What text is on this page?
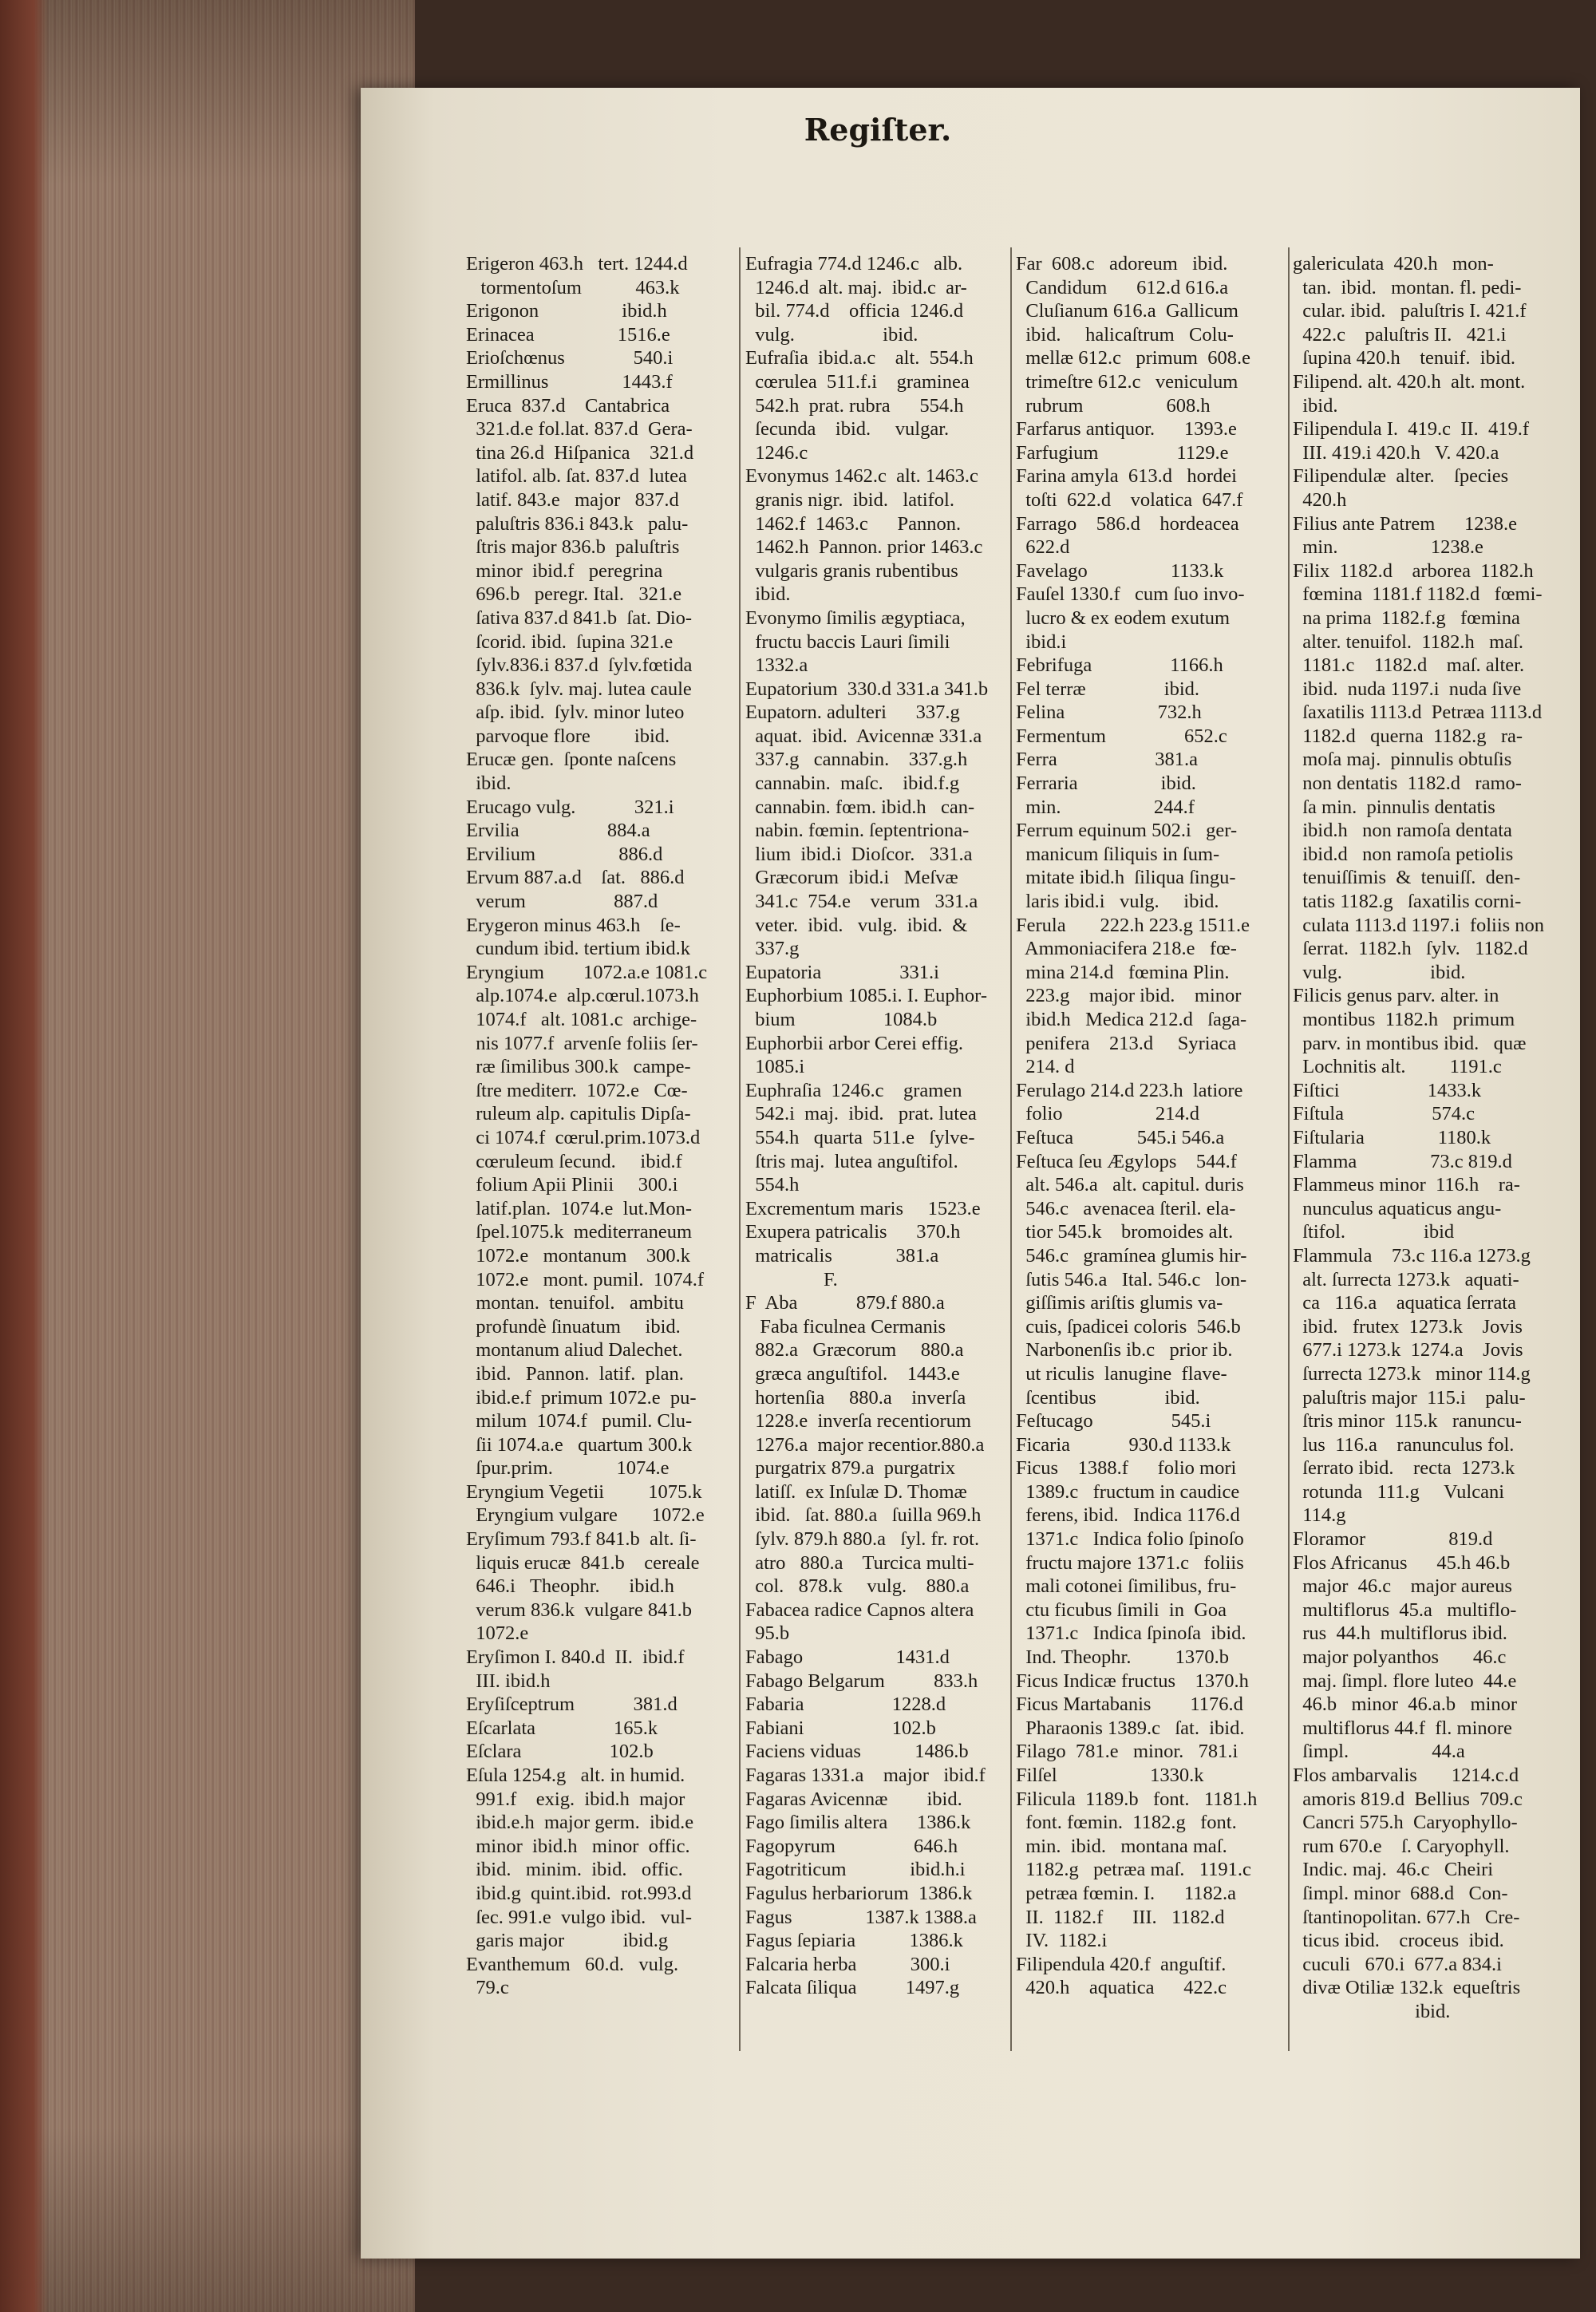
Regiſter.
Erigeron 463.h   tert. 1244.d
tormentoſum           463.k
Erigonon                 ibid.h
Erinacea                 1516.e
Erioſchœnus              540.i
Ermillinus               1443.f
Eruca  837.d    Cantabrica
321.d.e fol.lat. 837.d  Gera-
tina 26.d  Hiſpanica    321.d
latifol. alb. ſat. 837.d  lutea
latif. 843.e   major   837.d
paluſtris 836.i 843.k   palu-
ſtris major 836.b  paluſtris
minor  ibid.f   peregrina
696.b   peregr. Ital.   321.e
ſativa 837.d 841.b  ſat. Dio-
ſcorid. ibid.  ſupina 321.e
ſylv.836.i 837.d  ſylv.fœtida
836.k  ſylv. maj. lutea caule
aſp. ibid.  ſylv. minor luteo
parvoque flore         ibid.
Erucæ gen.  ſponte naſcens
ibid.
Erucago vulg.            321.i
Ervilia                  884.a
Ervilium                 886.d
Ervum 887.a.d    ſat.   886.d
verum                  887.d
Erygeron minus 463.h    ſe-
cundum ibid. tertium ibid.k
Eryngium        1072.a.e 1081.c
alp.1074.e  alp.cœrul.1073.h
1074.f   alt. 1081.c  archige-
nis 1077.f  arvenſe foliis ſer-
ræ ſimilibus 300.k   campe-
ſtre mediterr.  1072.e   Cœ-
ruleum alp. capitulis Dipſa-
ci 1074.f  cœrul.prim.1073.d
cœruleum ſecund.     ibid.f
folium Apii Plinii     300.i
latif.plan.  1074.e  lut.Mon-
ſpel.1075.k  mediterraneum
1072.e   montanum    300.k
1072.e   mont. pumil.  1074.f
montan.  tenuifol.   ambitu
profundè ſinuatum     ibid.
montanum aliud Dalechet.
ibid.   Pannon.  latif.  plan.
ibid.e.f  primum 1072.e  pu-
milum  1074.f   pumil. Clu-
ſii 1074.a.e   quartum 300.k
ſpur.prim.             1074.e
Eryngium Vegetii         1075.k
Eryngium vulgare       1072.e
Eryſimum 793.f 841.b  alt. ſi-
liquis erucæ  841.b    cereale
646.i   Theophr.      ibid.h
verum 836.k  vulgare 841.b
1072.e
Eryſimon I. 840.d  II.  ibid.f
III. ibid.h
Eryſiſceptrum            381.d
Eſcarlata                165.k
Eſclara                  102.b
Eſula 1254.g   alt. in humid.
991.f    exig.  ibid.h  major
ibid.e.h  major germ.  ibid.e
minor  ibid.h   minor  offic.
ibid.   minim.  ibid.   offic.
ibid.g  quint.ibid.  rot.993.d
ſec. 991.e  vulgo ibid.   vul-
garis major            ibid.g
Evanthemum   60.d.   vulg.
79.c
Eufragia 774.d 1246.c   alb.
1246.d  alt. maj.  ibid.c  ar-
bil. 774.d    officia  1246.d
vulg.                  ibid.
Eufraſia  ibid.a.c    alt.  554.h
cœrulea  511.f.i    graminea
542.h  prat. rubra      554.h
ſecunda    ibid.     vulgar.
1246.c
Evonymus 1462.c  alt. 1463.c
granis nigr.  ibid.   latifol.
1462.f  1463.c      Pannon.
1462.h  Pannon. prior 1463.c
vulgaris granis rubentibus
ibid.
Evonymo ſimilis ægyptiaca,
fructu baccis Lauri ſimili
1332.a
Eupatorium  330.d 331.a 341.b
Eupatorn. adulteri      337.g
aquat.  ibid.  Avicennæ 331.a
337.g   cannabin.    337.g.h
cannabin.  maſc.    ibid.f.g
cannabin. fœm. ibid.h   can-
nabin. fœmin. ſeptentriona-
lium  ibid.i  Dioſcor.   331.a
Græcorum  ibid.i   Meſvæ
341.c  754.e    verum   331.a
veter.  ibid.   vulg.  ibid.  &
337.g
Eupatoria                331.i
Euphorbium 1085.i. I. Euphor-
bium                  1084.b
Euphorbii arbor Cerei effig.
1085.i
Euphraſia  1246.c    gramen
542.i  maj.  ibid.   prat. lutea
554.h   quarta  511.e   ſylve-
ſtris maj.  lutea anguſtifol.
554.h
Excrementum maris     1523.e
Exupera patricalis      370.h
matricalis             381.a
F.
F  Aba            879.f 880.a
Faba ficulnea Cermanis
882.a   Græcorum     880.a
græca anguſtifol.    1443.e
hortenſia     880.a    inverſa
1228.e  inverſa recentiorum
1276.a  major recentior.880.a
purgatrix 879.a  purgatrix
latiſſ.  ex Inſulæ D. Thomæ
ibid.   ſat. 880.a   ſuilla 969.h
ſylv. 879.h 880.a   ſyl. fr. rot.
atro   880.a    Turcica multi-
col.   878.k     vulg.    880.a
Fabacea radice Capnos altera
95.b
Fabago                   1431.d
Fabago Belgarum          833.h
Fabaria                  1228.d
Fabiani                  102.b
Faciens viduas           1486.b
Fagaras 1331.a    major   ibid.f
Fagaras Avicennæ        ibid.
Fago ſimilis altera      1386.k
Fagopyrum                646.h
Fagotriticum             ibid.h.i
Fagulus herbariorum  1386.k
Fagus               1387.k 1388.a
Fagus ſepiaria           1386.k
Falcaria herba           300.i
Falcata ſiliqua          1497.g
Far  608.c   adoreum   ibid.
Candidum      612.d 616.a
Cluſianum 616.a  Gallicum
ibid.     halicaſtrum   Colu-
mellæ 612.c   primum  608.e
trimeſtre 612.c   veniculum
rubrum                 608.h
Farfarus antiquor.      1393.e
Farfugium                1129.e
Farina amyla  613.d   hordei
toſti  622.d    volatica  647.f
Farrago    586.d    hordeacea
622.d
Favelago                 1133.k
Fauſel 1330.f   cum ſuo invo-
lucro & ex eodem exutum
ibid.i
Febrifuga                1166.h
Fel terræ                ibid.
Felina                   732.h
Fermentum                652.c
Ferra                    381.a
Ferraria                 ibid.
min.                   244.f
Ferrum equinum 502.i   ger-
manicum ſiliquis in ſum-
mitate ibid.h  ſiliqua ſingu-
laris ibid.i   vulg.     ibid.
Ferula       222.h 223.g 1511.e
Ammoniacifera 218.e   fœ-
mina 214.d   fœmina Plin.
223.g    major ibid.    minor
ibid.h   Medica 212.d   ſaga-
penifera    213.d     Syriaca
214. d
Ferulago 214.d 223.h  latiore
folio                   214.d
Feſtuca             545.i 546.a
Feſtuca ſeu Ægylops    544.f
alt. 546.a   alt. capitul. duris
546.c   avenacea ſteril. ela-
tior 545.k    bromoides alt.
546.c   gramínea glumis hir-
ſutis 546.a   Ital. 546.c   lon-
giſſimis ariſtis glumis va-
cuis, ſpadicei coloris  546.b
Narbonenſis ib.c   prior ib.
ut riculis  lanugine  flave-
ſcentibus              ibid.
Feſtucago                545.i
Ficaria            930.d 1133.k
Ficus    1388.f      folio mori
1389.c   fructum in caudice
ferens, ibid.   Indica 1176.d
1371.c   Indica folio ſpinoſo
fructu majore 1371.c   foliis
mali cotonei ſimilibus, fru-
ctu ficubus ſimili  in  Goa
1371.c   Indica ſpinoſa  ibid.
Ind. Theophr.         1370.b
Ficus Indicæ fructus    1370.h
Ficus Martabanis        1176.d
Pharaonis 1389.c   ſat.  ibid.
Filago  781.e   minor.   781.i
Filſel                   1330.k
Filicula  1189.b   font.   1181.h
font. fœmin.  1182.g   font.
min.  ibid.   montana maſ.
1182.g   petræa maſ.   1191.c
petræa fœmin. I.      1182.a
II.  1182.f      III.   1182.d
IV.  1182.i
Filipendula 420.f  anguſtif.
420.h    aquatica      422.c
galericulata  420.h   mon-
tan.  ibid.   montan. fl. pedi-
cular. ibid.   paluſtris I. 421.f
422.c    paluſtris II.   421.i
ſupina 420.h    tenuif.  ibid.
Filipend. alt. 420.h  alt. mont.
ibid.
Filipendula I.  419.c  II.  419.f
III. 419.i 420.h   V. 420.a
Filipendulæ  alter.    ſpecies
420.h
Filius ante Patrem      1238.e
min.                   1238.e
Filix  1182.d    arborea  1182.h
fœmina  1181.f 1182.d   fœmi-
na prima  1182.f.g   fœmina
alter. tenuifol.  1182.h   maſ.
1181.c    1182.d    maſ. alter.
ibid.  nuda 1197.i  nuda ſive
ſaxatilis 1113.d  Petræa 1113.d
1182.d   querna  1182.g   ra-
moſa maj.  pinnulis obtuſis
non dentatis  1182.d   ramo-
ſa min.  pinnulis dentatis
ibid.h   non ramoſa dentata
ibid.d   non ramoſa petiolis
tenuiſſimis  &  tenuiſſ.  den-
tatis 1182.g   ſaxatilis corni-
culata 1113.d 1197.i  foliis non
ſerrat.  1182.h   ſylv.   1182.d
vulg.                  ibid.
Filicis genus parv. alter. in
montibus  1182.h   primum
parv. in montibus ibid.   quæ
Lochnitis alt.         1191.c
Fiſtici                  1433.k
Fiſtula                  574.c
Fiſtularia               1180.k
Flamma               73.c 819.d
Flammeus minor  116.h    ra-
nunculus aquaticus angu-
ſtifol.                ibid
Flammula    73.c 116.a 1273.g
alt. ſurrecta 1273.k   aquati-
ca   116.a    aquatica ſerrata
ibid.   frutex  1273.k    Jovis
677.i 1273.k  1274.a    Jovis
ſurrecta 1273.k   minor 114.g
paluſtris major  115.i    palu-
ſtris minor  115.k   ranuncu-
lus  116.a    ranunculus fol.
ſerrato ibid.    recta  1273.k
rotunda   111.g     Vulcani
114.g
Floramor                 819.d
Flos Africanus      45.h 46.b
major  46.c    major aureus
multiflorus  45.a   multiflo-
rus  44.h  multiflorus ibid.
major polyanthos       46.c
maj. ſimpl. flore luteo  44.e
46.b   minor  46.a.b   minor
multiflorus 44.f  fl. minore
ſimpl.                 44.a
Flos ambarvalis       1214.c.d
amoris 819.d  Bellius  709.c
Cancri 575.h  Caryophyllo-
rum 670.e    ſ. Caryophyll.
Indic. maj.  46.c   Cheiri
ſimpl. minor  688.d   Con-
ſtantinopolitan. 677.h   Cre-
ticus ibid.    croceus  ibid.
cuculi   670.i  677.a 834.i
divæ Otiliæ 132.k  equeſtris
ibid.
